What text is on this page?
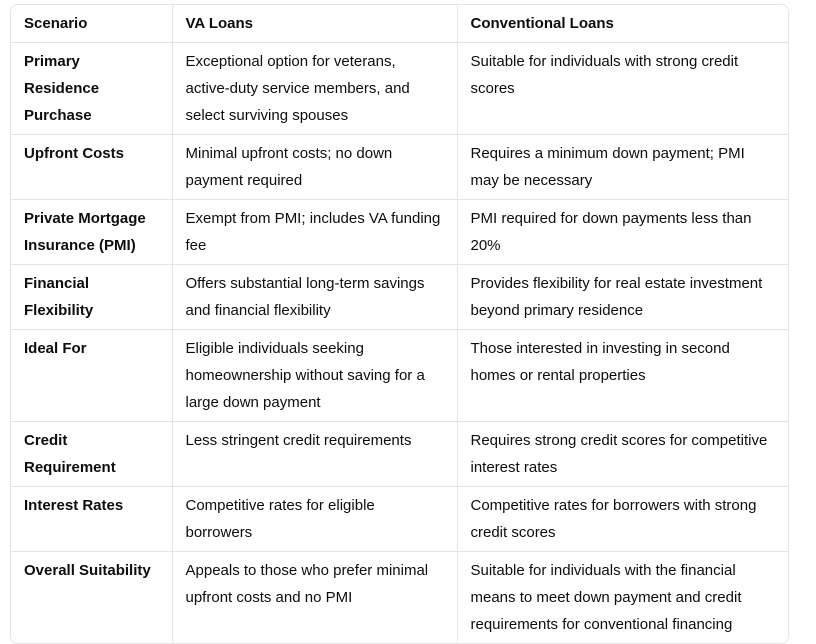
Scenario	VA Loans	Conventional Loans
Primary Residence Purchase	Exceptional option for veterans, active-duty service members, and select surviving spouses	Suitable for individuals with strong credit scores
Upfront Costs	Minimal upfront costs; no down payment required	Requires a minimum down payment; PMI may be necessary
Private Mortgage Insurance (PMI)	Exempt from PMI; includes VA funding fee	PMI required for down payments less than 20%
Financial Flexibility	Offers substantial long-term savings and financial flexibility	Provides flexibility for real estate investment beyond primary residence
Ideal For	Eligible individuals seeking homeownership without saving for a large down payment	Those interested in investing in second homes or rental properties
Credit Requirement	Less stringent credit requirements	Requires strong credit scores for competitive interest rates
Interest Rates	Competitive rates for eligible borrowers	Competitive rates for borrowers with strong credit scores
Overall Suitability	Appeals to those who prefer minimal upfront costs and no PMI	Suitable for individuals with the financial means to meet down payment and credit requirements for conventional financing
